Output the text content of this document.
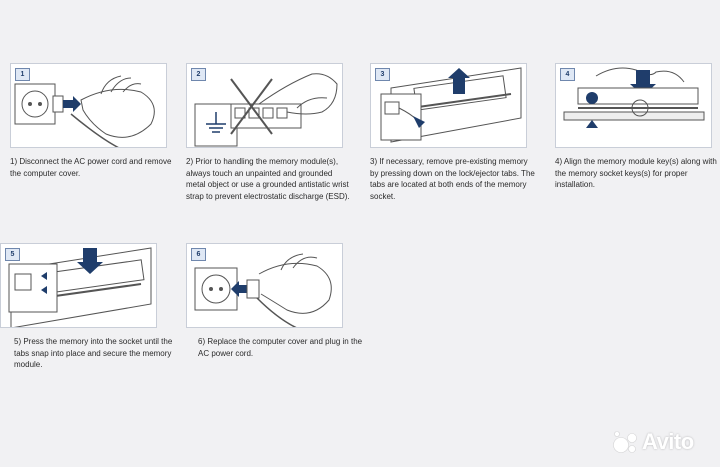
1

1) Disconnect the AC power cord and remove the computer cover.

2

2) Prior to handling the memory module(s), always touch an unpainted and grounded metal object or use a grounded antistatic wrist strap to prevent electrostatic discharge (ESD).

3

3) If necessary, remove pre-existing memory by pressing down on the lock/ejector tabs. The tabs are located at both ends of the memory socket.

4

4) Align the memory module key(s) along with the memory socket keys(s) for proper installation.

5

5) Press the memory into the socket until the tabs snap into place and secure the memory module.

6

6) Replace the computer cover and plug in the AC power cord.

Avito
